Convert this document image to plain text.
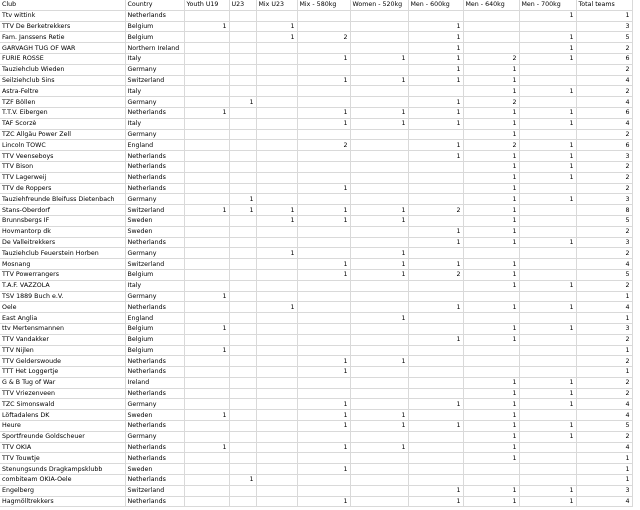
Club	Country	Youth U19	U23	Mix U23	Mix - 580kg	Women - 520kg	Men - 600kg	Men - 640kg	Men - 700kg	Total teams
Ttv wittink	Netherlands								1	1
TTV De Berketrekkers	Belgium	1		1			1			3
Fam. Janssens Retie	Belgium			1	2		1		1	5
GARVAGH TUG OF WAR	Northern Ireland						1		1	2
FURIE ROSSE	Italy				1	1	1	2	1	6
Tauziehclub Wieden	Germany						1	1		2
Seilziehclub Sins	Switzerland				1	1	1	1		4
Astra-Feltre	Italy							1	1	2
TZF Böllen	Germany		1				1	2		4
T.T.V. Eibergen	Netherlands	1			1	1	1	1	1	6
TAF Scorzè	Italy				1	1	1	1	1	4
TZC Allgäu Power Zell	Germany							1		2
Lincoln TOWC	England				2		1	2	1	6
TTV Veenseboys	Netherlands						1	1	1	3
TTV Bison	Netherlands							1	1	2
TTV Lagerweij	Netherlands							1	1	2
TTV de Roppers	Netherlands				1			1		2
Tauziehfreunde Bleifuss Dietenbach	Germany		1					1	1	3
Stans-Oberdorf	Switzerland	1	1	1	1	1	2	1		8
Brunnsbergs IF	Sweden			1	1	1		1		5
Hovmantorp dk	Sweden						1	1		2
De Valleitrekkers	Netherlands						1	1	1	3
Tauziehclub Feuerstein Horben	Germany			1		1				2
Mosnang	Switzerland				1	1	1	1		4
TTV Powerrangers	Belgium				1	1	2	1		5
T.A.F. VAZZOLA	Italy							1	1	2
TSV 1889 Buch e.V.	Germany	1								1
Oele	Netherlands			1			1	1	1	4
East Anglia	England					1				1
ttv Mertensmannen	Belgium	1						1	1	3
TTV Vandakker	Belgium						1	1		2
TTV Nijlen	Belgium	1								1
TTV Gelderswoude	Netherlands				1	1				2
TTT Het Loggertje	Netherlands				1					1
G & B Tug of War	Ireland							1	1	2
TTV Vriezenveen	Netherlands							1	1	2
TZC Simonswald	Germany				1		1	1	1	4
Löftadalens DK	Sweden	1			1	1		1		4
Heure	Netherlands				1	1	1	1	1	5
Sportfreunde Goldscheuer	Germany							1	1	2
TTV OKIA	Netherlands	1			1	1		1		4
TTV Touwtje	Netherlands							1		1
Stenungsunds Dragkampsklubb	Sweden				1					1
combiteam OKIA-Oele	Netherlands		1							1
Engelberg	Switzerland						1	1	1	3
Hagmölltrekkers	Netherlands				1		1	1	1	4
